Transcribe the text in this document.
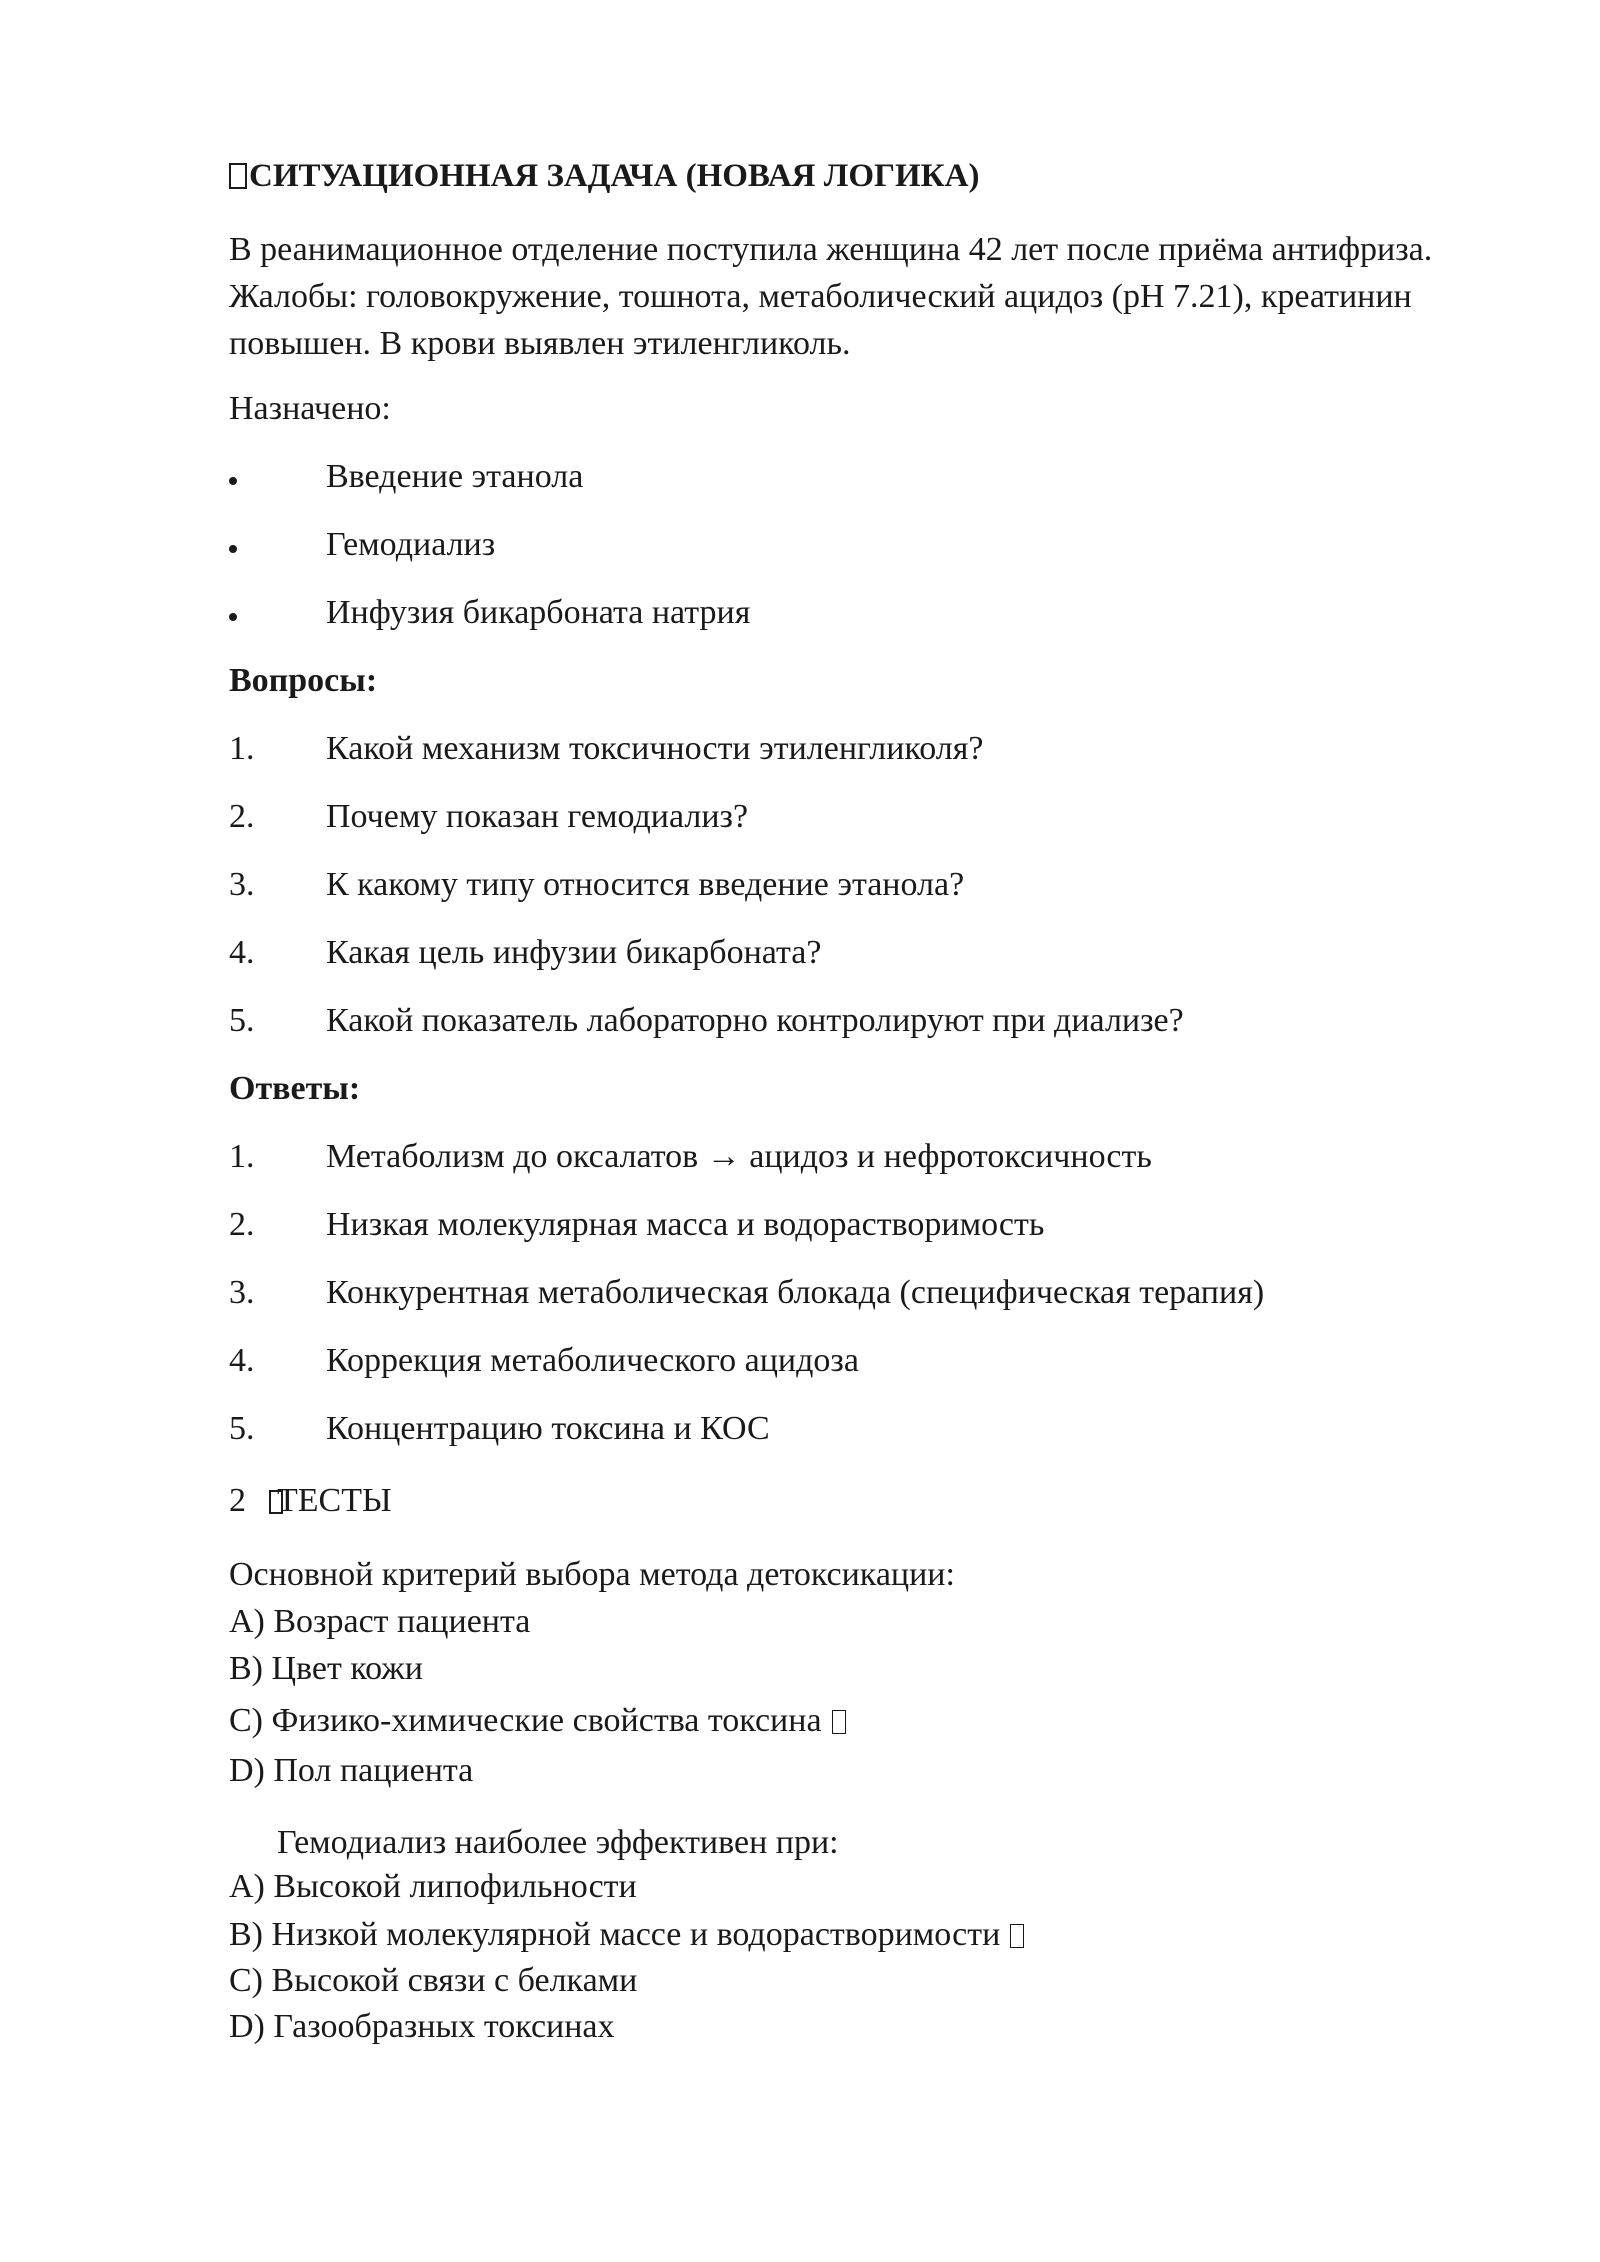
СИТУАЦИОННАЯ ЗАДАЧА (НОВАЯ ЛОГИКА)

В реанимационное отделение поступила женщина 42 лет после приёма антифриза. Жалобы: головокружение, тошнота, метаболический ацидоз (pH 7.21), креатинин повышен. В крови выявлен этиленгликоль.

Назначено:
Введение этанола
Гемодиализ
Инфузия бикарбоната натрия
Вопросы:
1. Какой механизм токсичности этиленгликоля?
2. Почему показан гемодиализ?
3. К какому типу относится введение этанола?
4. Какая цель инфузии бикарбоната?
5. Какой показатель лабораторно контролируют при диализе?
Ответы:
1. Метаболизм до оксалатов → ацидоз и нефротоксичность
2. Низкая молекулярная масса и водорастворимость
3. Конкурентная метаболическая блокада (специфическая терапия)
4. Коррекция метаболического ацидоза
5. Концентрацию токсина и КОС
2 ТЕСТЫ
Основной критерий выбора метода детоксикации:
A) Возраст пациента
B) Цвет кожи
C) Физико-химические свойства токсина
D) Пол пациента
Гемодиализ наиболее эффективен при:
A) Высокой липофильности
B) Низкой молекулярной массе и водорастворимости
C) Высокой связи с белками
D) Газообразных токсинах
